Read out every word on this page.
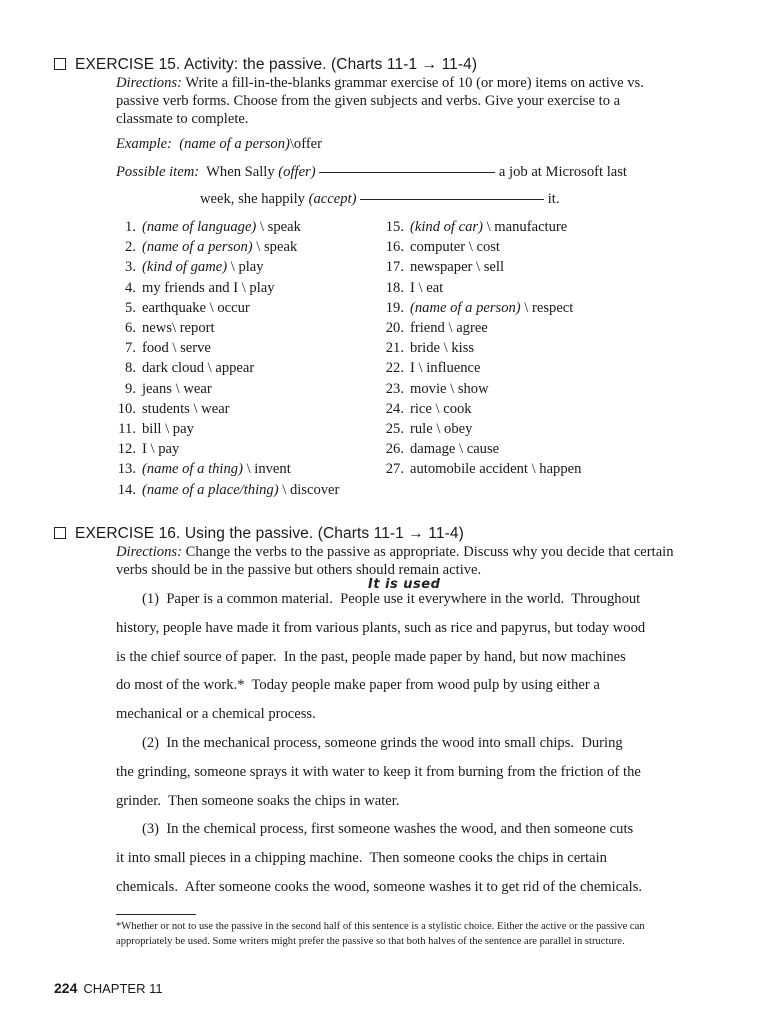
EXERCISE 15. Activity: the passive. (Charts 11-1 → 11-4)
Directions: Write a fill-in-the-blanks grammar exercise of 10 (or more) items on active vs. passive verb forms. Choose from the given subjects and verbs. Give your exercise to a classmate to complete.
Example: (name of a person)\offer
Possible item: When Sally (offer)	a job at Microsoft last
week, she happily (accept)	it.
1. (name of language) \ speak
2. (name of a person) \ speak
3. (kind of game) \ play
4. my friends and I \ play
5. earthquake \ occur
6. news\ report
7. food \ serve
8. dark cloud \ appear
9. jeans \ wear
10. students \ wear
11. bill \ pay
12. I \ pay
13. (name of a thing) \ invent
14. (name of a place/thing) \ discover
15. (kind of car) \ manufacture
16. computer \ cost
17. newspaper \ sell
18. I \ eat
19. (name of a person) \ respect
20. friend \ agree
21. bride \ kiss
22. I \ influence
23. movie \ show
24. rice \ cook
25. rule \ obey
26. damage \ cause
27. automobile accident \ happen
EXERCISE 16. Using the passive. (Charts 11-1 → 11-4)
Directions: Change the verbs to the passive as appropriate. Discuss why you decide that certain verbs should be in the passive but others should remain active.
It is used
(1)  Paper is a common material.  People use it everywhere in the world.  Throughout
history, people have made it from various plants, such as rice and papyrus, but today wood
is the chief source of paper.  In the past, people made paper by hand, but now machines
do most of the work.*  Today people make paper from wood pulp by using either a
mechanical or a chemical process.
(2)  In the mechanical process, someone grinds the wood into small chips.  During
the grinding, someone sprays it with water to keep it from burning from the friction of the
grinder.  Then someone soaks the chips in water.
(3)  In the chemical process, first someone washes the wood, and then someone cuts
it into small pieces in a chipping machine.  Then someone cooks the chips in certain
chemicals.  After someone cooks the wood, someone washes it to get rid of the chemicals.
*Whether or not to use the passive in the second half of this sentence is a stylistic choice. Either the active or the passive can appropriately be used. Some writers might prefer the passive so that both halves of the sentence are parallel in structure.
224 CHAPTER 11
